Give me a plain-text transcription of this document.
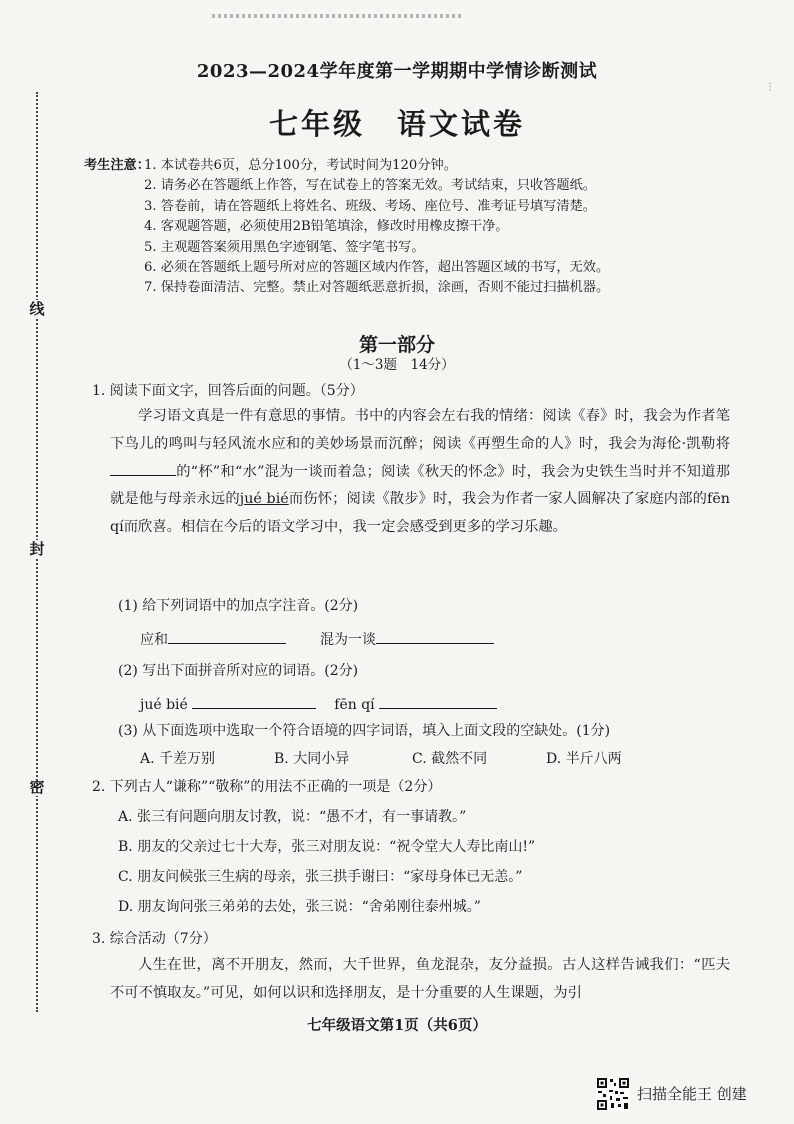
线
封
密
⁝
2023—2024学年度第一学期期中学情诊断测试
七年级　语文试卷
考生注意：
1. 本试卷共6页，总分100分，考试时间为120分钟。
2. 请务必在答题纸上作答，写在试卷上的答案无效。考试结束，只收答题纸。
3. 答卷前，请在答题纸上将姓名、班级、考场、座位号、准考证号填写清楚。
4. 客观题答题，必须使用2B铅笔填涂，修改时用橡皮擦干净。
5. 主观题答案须用黑色字迹钢笔、签字笔书写。
6. 必须在答题纸上题号所对应的答题区域内作答，超出答题区域的书写，无效。
7. 保持卷面清洁、完整。禁止对答题纸恶意折损，涂画，否则不能过扫描机器。
第一部分
（1～3题　14分）
1. 阅读下面文字，回答后面的问题。（5分）

学习语文真是一件有意思的事情。书中的内容会左右我的情绪：阅读《春》时，我会为作者笔下鸟儿的鸣叫与轻风流水应和的美妙场景而沉醉；阅读《再塑生命的人》时，我会为海伦·凯勒将的“杯”和“水”混为一谈而着急；阅读《秋天的怀念》时，我会为史铁生当时并不知道那就是他与母亲永远的jué bié而伤怀；阅读《散步》时，我会为作者一家人圆解决了家庭内部的fēn qí而欣喜。相信在今后的语文学习中，我一定会感受到更多的学习乐趣。

(1) 给下列词语中的加点字注音。(2分)
应和	混为一谈
(2) 写出下面拼音所对应的词语。(2分)
jué bié	fēn qí
(3) 从下面选项中选取一个符合语境的四字词语，填入上面文段的空缺处。(1分)
A. 千差万别	B. 大同小异	C. 截然不同	D. 半斤八两
2. 下列古人“谦称”“敬称”的用法不正确的一项是（2分）
A. 张三有问题向朋友讨教，说：“愚不才，有一事请教。”
B. 朋友的父亲过七十大寿，张三对朋友说：“祝令堂大人寿比南山!”
C. 朋友问候张三生病的母亲，张三拱手谢曰：“家母身体已无恙。”
D. 朋友询问张三弟弟的去处，张三说：“舍弟刚往泰州城。”
3. 综合活动（7分）

人生在世，离不开朋友，然而，大千世界，鱼龙混杂，友分益损。古人这样告诫我们：“匹夫不可不慎取友。”可见，如何以识和选择朋友，是十分重要的人生课题，为引

七年级语文第1页（共6页）
扫描全能王 创建
